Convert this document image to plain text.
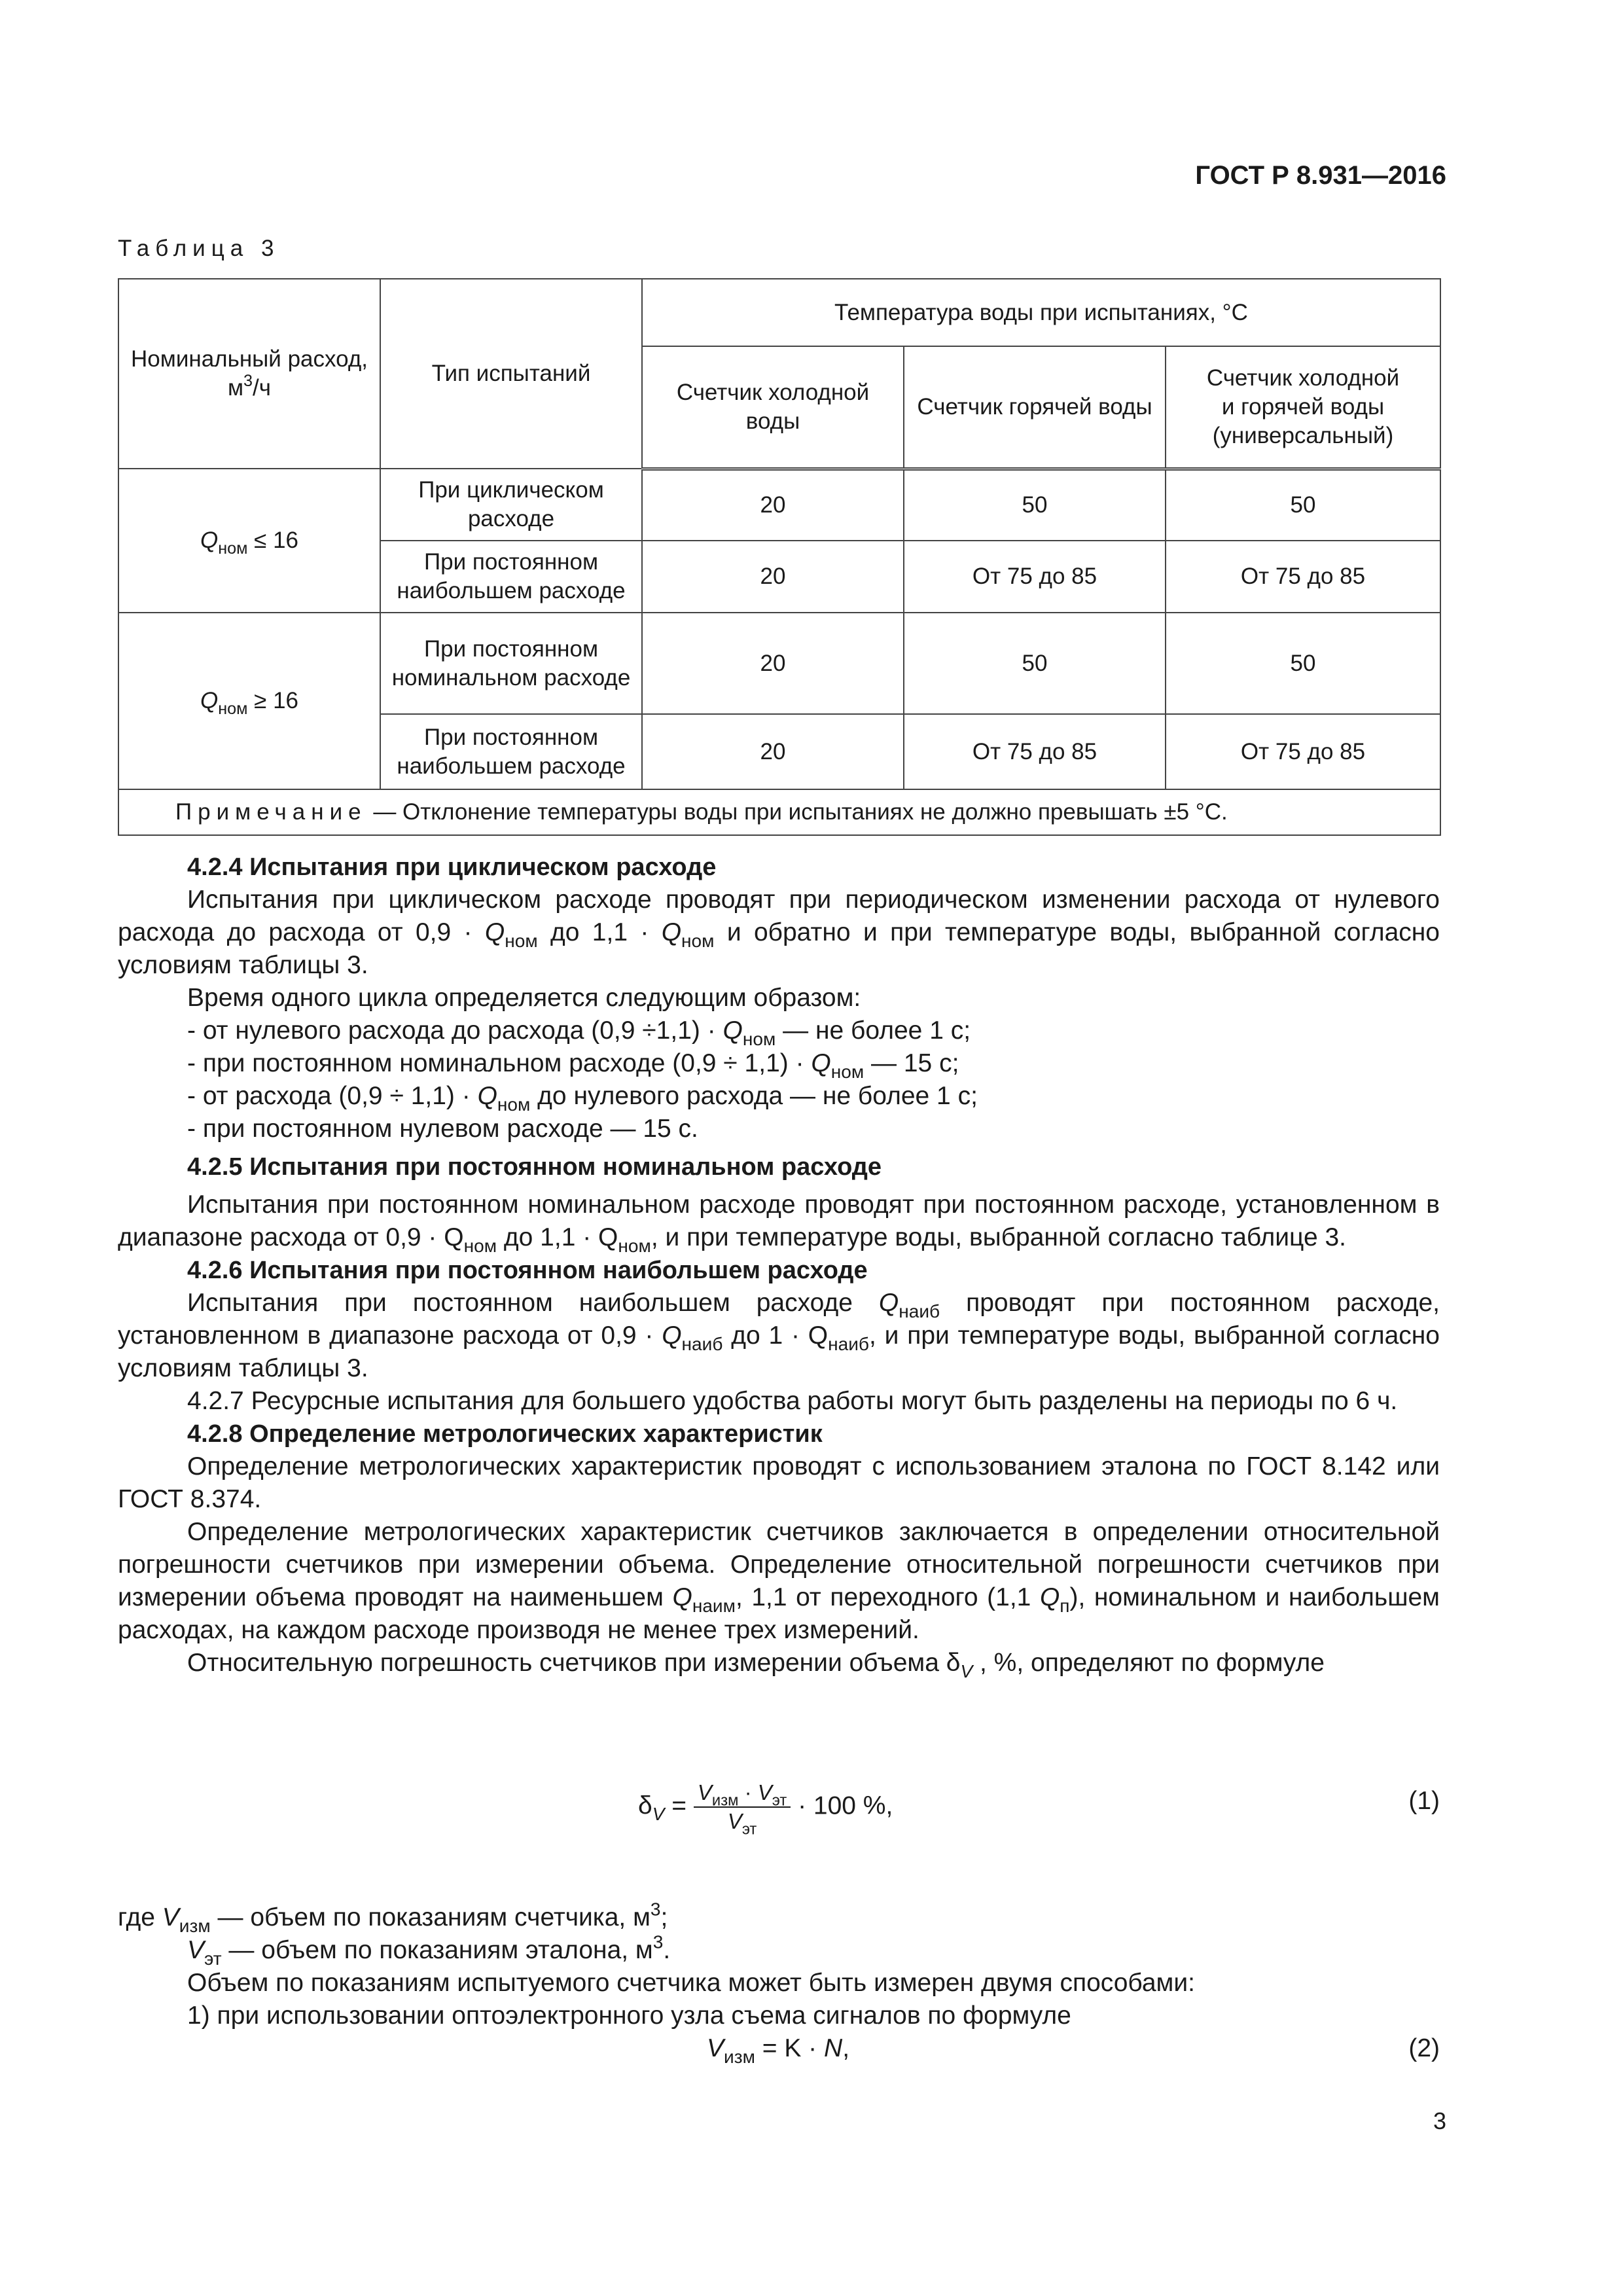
ГОСТ Р 8.931—2016
Таблица 3
Номинальный расход,
$м^3/ч$	Тип испытаний	Температура воды при испытаниях, °С		
		Счетчик холодной воды	Счетчик горячей воды	Счетчик холодной
и горячей воды
(универсальный)
$Q_{ном} \le 16$	При циклическом расходе	20	50	50
	При постоянном наибольшем расходе	20	От 75 до 85	От 75 до 85
$Q_{ном} \ge 16$	При постоянном номинальном расходе	20	50	50
	При постоянном наибольшем расходе	20	От 75 до 85	От 75 до 85
Примечание — Отклонение температуры воды при испытаниях не должно превышать ±5 °С.				
4.2.4 Испытания при циклическом расходе

Испытания при циклическом расходе проводят при периодическом изменении расхода от нулевого расхода до расхода от $0,9 \cdot Q_{ном}$ до $1,1 \cdot Q_{ном}$ и обратно и при температуре воды, выбранной согласно условиям таблицы 3.

Время одного цикла определяется следующим образом:

- от нулевого расхода до расхода $(0,9 \div 1,1) \cdot Q_{ном}$ — не более 1 с;

- при постоянном номинальном расходе $(0,9 \div 1,1) \cdot Q_{ном}$ — 15 с;

- от расхода $(0,9 \div 1,1) \cdot Q_{ном}$ до нулевого расхода — не более 1 с;

- при постоянном нулевом расходе — 15 с.

4.2.5 Испытания при постоянном номинальном расходе

Испытания при постоянном номинальном расходе проводят при постоянном расходе, установленном в диапазоне расхода от $0,9 \cdot Q_{ном}$ до $1,1 \cdot Q_{ном}$, и при температуре воды, выбранной согласно таблице 3.

4.2.6 Испытания при постоянном наибольшем расходе

Испытания при постоянном наибольшем расходе $Q_{наиб}$ проводят при постоянном расходе, установленном в диапазоне расхода от $0,9 \cdot Q_{наиб}$ до $1 \cdot Q_{наиб}$, и при температуре воды, выбранной согласно условиям таблицы 3.

4.2.7 Ресурсные испытания для большего удобства работы могут быть разделены на периоды по 6 ч.

4.2.8 Определение метрологических характеристик

Определение метрологических характеристик проводят с использованием эталона по ГОСТ 8.142 или ГОСТ 8.374.

Определение метрологических характеристик счетчиков заключается в определении относительной погрешности счетчиков при измерении объема. Определение относительной погрешности счетчиков при измерении объема проводят на наименьшем $Q_{наим}$, 1,1 от переходного (1,1 $Q_п$), номинальном и наибольшем расходах, на каждом расходе производя не менее трех измерений.

Относительную погрешность счетчиков при измерении объема $\delta_V$ , %, определяют по формуле

$\delta_V = \frac{V_{изм} \cdot V_{эт}}{V_{эт}} \cdot 100$ %,	(1)

где $V_{изм}$ — объем по показаниям счетчика, $м^3$;

$V_{эт}$ — объем по показаниям эталона, $м^3$.

Объем по показаниям испытуемого счетчика может быть измерен двумя способами:

1) при использовании оптоэлектронного узла съема сигналов по формуле

$V_{изм} = K \cdot N$,	(2)
3
